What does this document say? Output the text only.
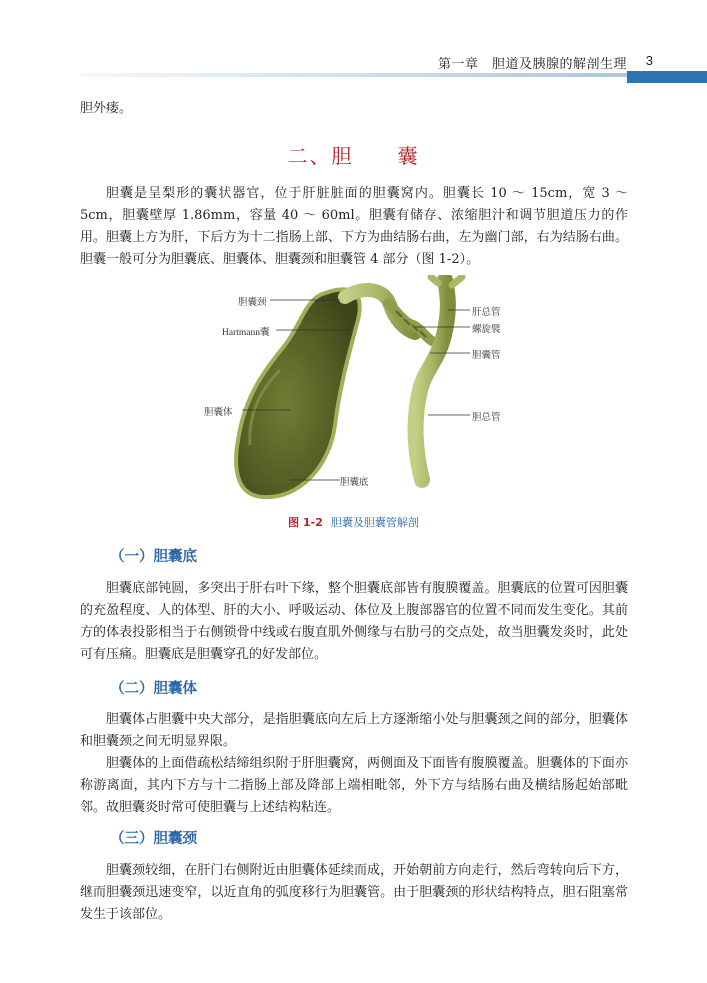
第一章　胆道及胰腺的解剖生理 3
胆外瘘。
二、胆　　囊
胆囊是呈梨形的囊状器官，位于肝脏脏面的胆囊窝内。胆囊长 10 ～ 15cm，宽 3 ～ 5cm，胆囊壁厚 1.86mm，容量 40 ～ 60ml。胆囊有储存、浓缩胆汁和调节胆道压力的作用。 胆囊上方为肝，下后方为十二指肠上部、下方为曲结肠右曲，左为幽门部，右为结肠右曲。胆囊一般可分为胆囊底、胆囊体、胆囊颈和胆囊管 4 部分（图 1-2）。
胆囊颈
Hartmann囊
胆囊体
胆囊底
肝总管
螺旋襞
胆囊管
胆总管
图 1-2 胆囊及胆囊管解剖
（一）胆囊底
胆囊底部钝圆，多突出于肝右叶下缘，整个胆囊底部皆有腹膜覆盖。胆囊底的位置可因胆囊的充盈程度、人的体型、肝的大小、呼吸运动、体位及上腹部器官的位置不同而发生变化。其前方的体表投影相当于右侧锁骨中线或右腹直肌外侧缘与右肋弓的交点处，故当胆囊发炎时，此处可有压痛。胆囊底是胆囊穿孔的好发部位。
（二）胆囊体
胆囊体占胆囊中央大部分，是指胆囊底向左后上方逐渐缩小处与胆囊颈之间的部分，胆囊体和胆囊颈之间无明显界限。
胆囊体的上面借疏松结缔组织附于肝胆囊窝，两侧面及下面皆有腹膜覆盖。胆囊体的下面亦称游离面，其内下方与十二指肠上部及降部上端相毗邻，外下方与结肠右曲及横结肠起始部毗邻。故胆囊炎时常可使胆囊与上述结构粘连。
（三）胆囊颈
胆囊颈较细，在肝门右侧附近由胆囊体延续而成，开始朝前方向走行，然后弯转向后下方，继而胆囊颈迅速变窄，以近直角的弧度移行为胆囊管。由于胆囊颈的形状结构特点，胆石阻塞常发生于该部位。
